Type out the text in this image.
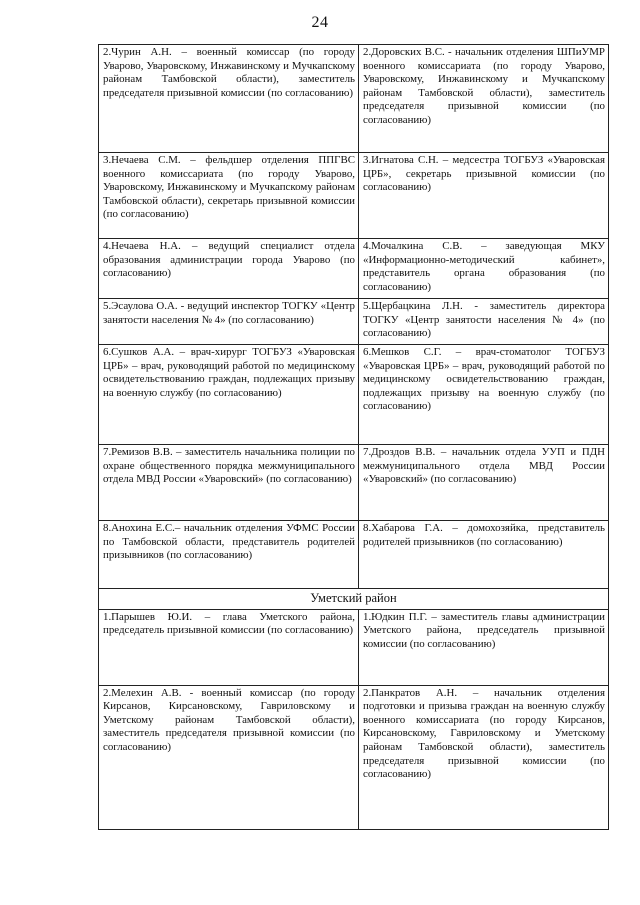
24
2.Чурин А.Н. – военный комиссар (по городу Уварово, Уваровскому, Инжавинскому и Мучкапскому районам Тамбовской области), заместитель председателя призывной комиссии (по согласованию)	2.Доровских В.С. - начальник отделения ШПиУМР военного комиссариата (по городу Уварово, Уваровскому, Инжавинскому и Мучкапскому районам Тамбовской области), заместитель председателя призывной комиссии (по согласованию)

3.Нечаева С.М. – фельдшер отделения ППГВС военного комиссариата (по городу Уварово, Уваровскому, Инжавинскому и Мучкапскому районам Тамбовской области), секретарь призывной комиссии (по согласованию)	3.Игнатова С.Н. – медсестра ТОГБУЗ «Уваровская ЦРБ», секретарь призывной комиссии (по согласованию)

4.Нечаева Н.А. – ведущий специалист отдела образования администрации города Уварово (по согласованию)	4.Мочалкина С.В. – заведующая МКУ «Информационно-методический кабинет», представитель органа образования (по согласованию)

5.Эсаулова О.А. - ведущий инспектор ТОГКУ «Центр занятости населения № 4» (по согласованию)	5.Щербацкина Л.Н. - заместитель директора ТОГКУ «Центр занятости населения № 4» (по согласованию)

6.Сушков А.А. – врач-хирург ТОГБУЗ «Уваровская ЦРБ» – врач, руководящий работой по медицинскому освидетельствованию граждан, подлежащих призыву на военную службу (по согласованию)	6.Мешков С.Г. – врач-стоматолог ТОГБУЗ «Уваровская ЦРБ» – врач, руководящий работой по медицинскому освидетельствованию граждан, подлежащих призыву на военную службу (по согласованию)

7.Ремизов В.В. – заместитель начальника полиции по охране общественного порядка межмуниципального отдела МВД России «Уваровский» (по согласованию)	7.Дроздов В.В. – начальник отдела УУП и ПДН межмуниципального отдела МВД России «Уваровский» (по согласованию)

8.Анохина Е.С.– начальник отделения УФМС России по Тамбовской области, представитель родителей призывников (по согласованию)	8.Хабарова Г.А. – домохозяйка, представитель родителей призывников (по согласованию)

Уметский район	

1.Парышев Ю.И. – глава Уметского района, председатель призывной комиссии (по согласованию)	1.Юдкин П.Г. – заместитель главы администрации Уметского района, председатель призывной комиссии (по согласованию)

2.Мелехин А.В. - военный комиссар (по городу Кирсанов, Кирсановскому, Гавриловскому и Уметскому районам Тамбовской области), заместитель председателя призывной комиссии (по согласованию)	2.Панкратов А.Н. – начальник отделения подготовки и призыва граждан на военную службу военного комиссариата (по городу Кирсанов, Кирсановскому, Гавриловскому и Уметскому районам Тамбовской области), заместитель председателя призывной комиссии (по согласованию)
